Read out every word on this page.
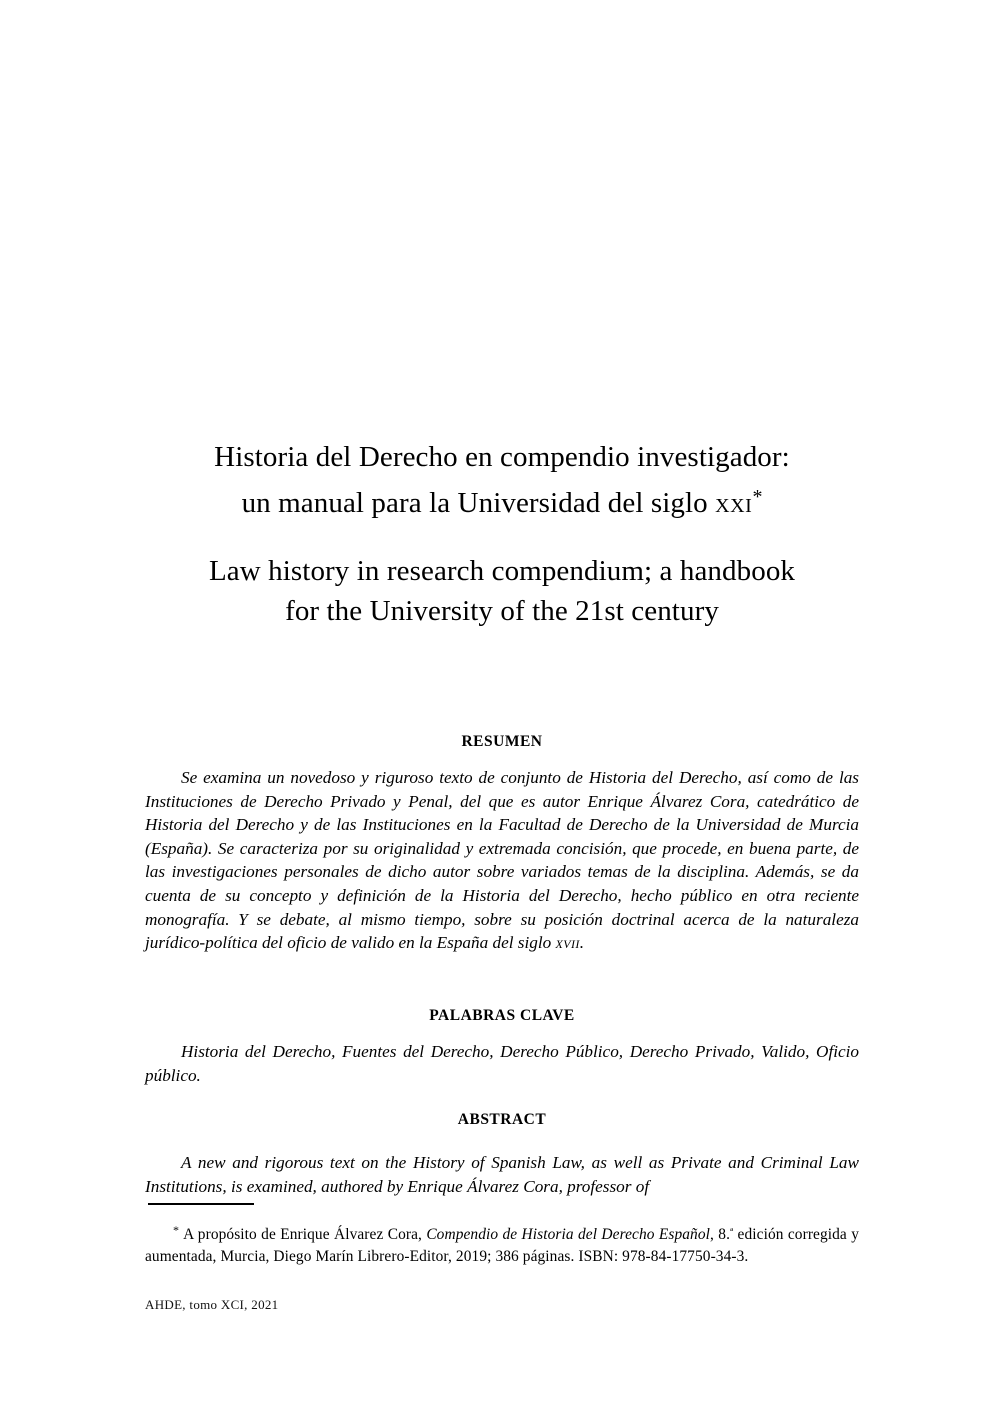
Historia del Derecho en compendio investigador:
un manual para la Universidad del siglo xxi*
Law history in research compendium; a handbook
for the University of the 21st century
RESUMEN
Se examina un novedoso y riguroso texto de conjunto de Historia del Derecho, así como de las Instituciones de Derecho Privado y Penal, del que es autor Enrique Álvarez Cora, catedrático de Historia del Derecho y de las Instituciones en la Facultad de Derecho de la Universidad de Murcia (España). Se caracteriza por su originalidad y extremada concisión, que procede, en buena parte, de las investigaciones personales de dicho autor sobre variados temas de la disciplina. Además, se da cuenta de su concepto y definición de la Historia del Derecho, hecho público en otra reciente monografía. Y se debate, al mismo tiempo, sobre su posición doctrinal acerca de la naturaleza jurídico-política del oficio de valido en la España del siglo xvii.
PALABRAS CLAVE
Historia del Derecho, Fuentes del Derecho, Derecho Público, Derecho Privado, Valido, Oficio público.
ABSTRACT
A new and rigorous text on the History of Spanish Law, as well as Private and Criminal Law Institutions, is examined, authored by Enrique Álvarez Cora, professor of
* A propósito de Enrique Álvarez Cora, Compendio de Historia del Derecho Español, 8.$^ª$ edición corregida y aumentada, Murcia, Diego Marín Librero-Editor, 2019; 386 páginas. ISBN: 978-84-17750-34-3.
AHDE, tomo XCI, 2021
